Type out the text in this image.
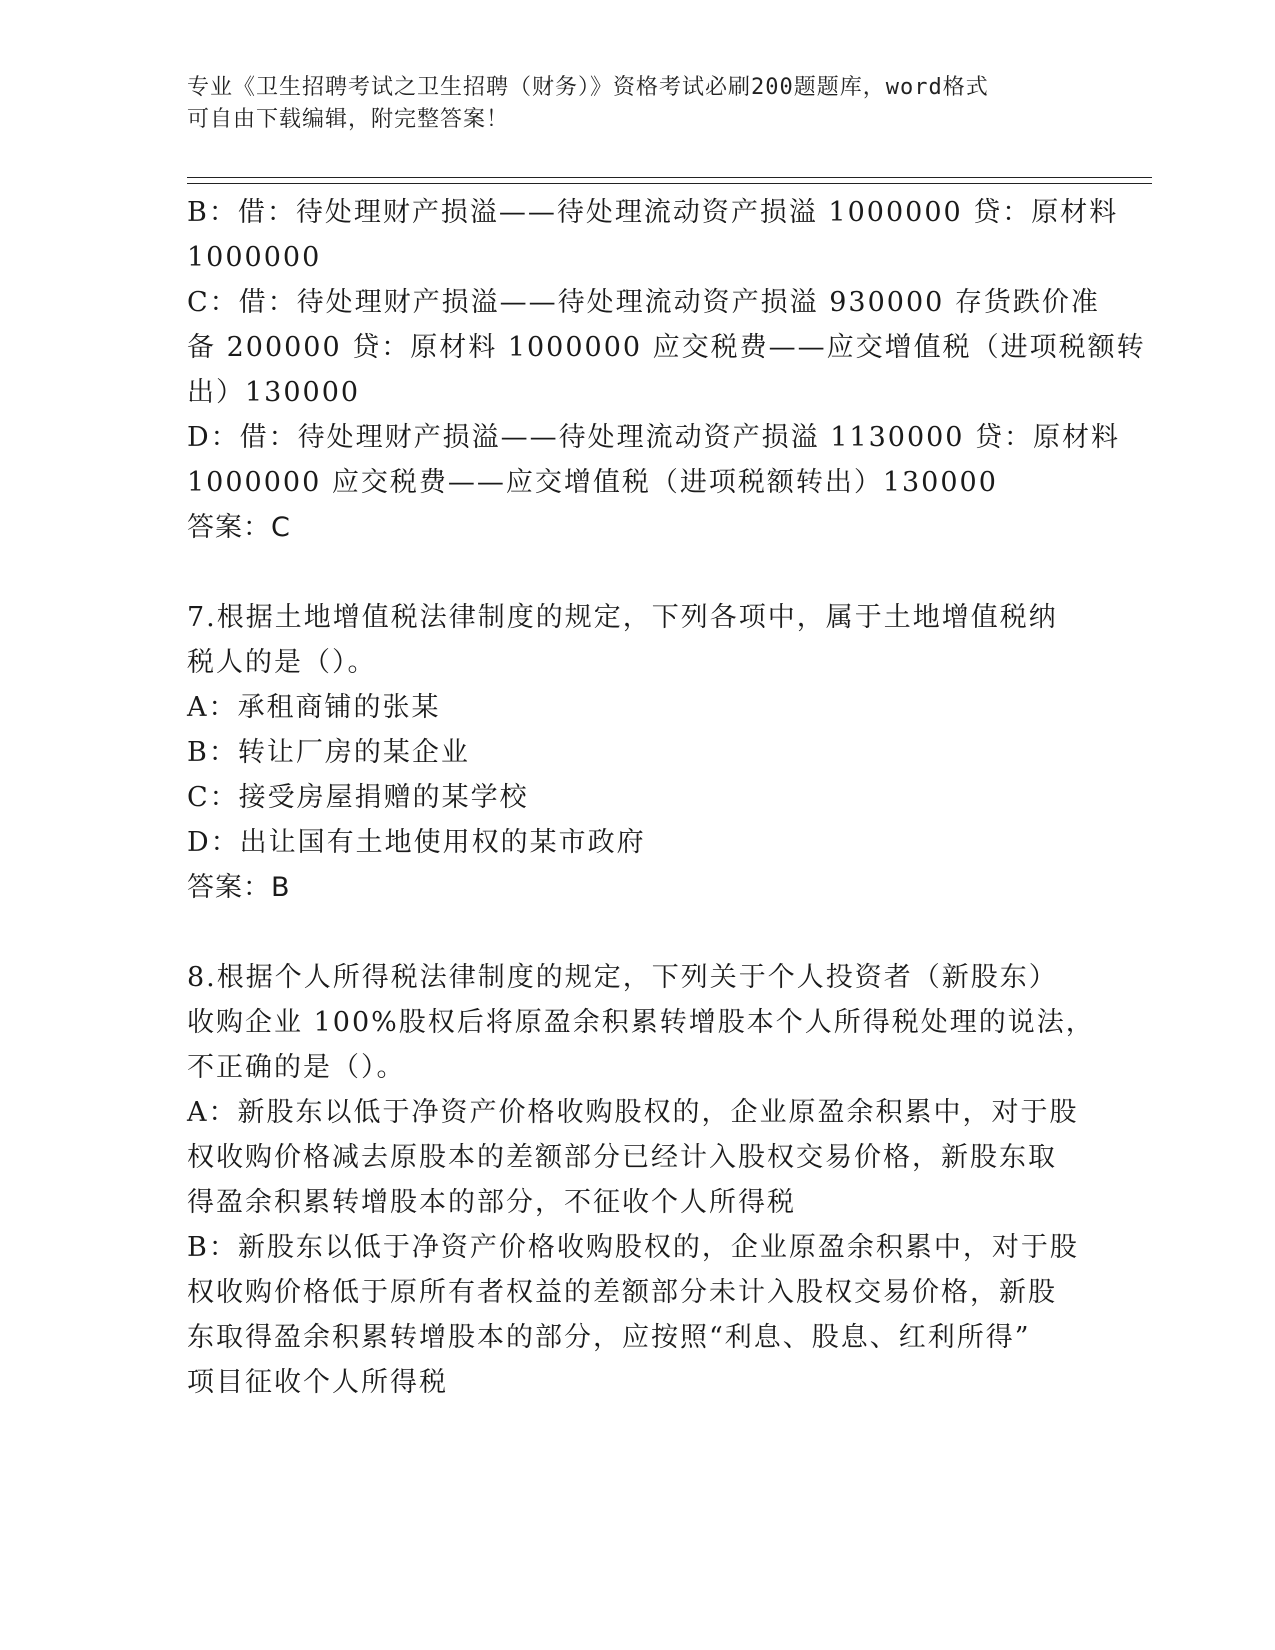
专业《卫生招聘考试之卫生招聘（财务）》资格考试必刷200题题库，word格式
可自由下载编辑，附完整答案！
B：借：待处理财产损溢——待处理流动资产损溢 1000000 贷：原材料
1000000
C：借：待处理财产损溢——待处理流动资产损溢 930000 存货跌价准
备 200000 贷：原材料 1000000 应交税费——应交增值税（进项税额转
出）130000
D：借：待处理财产损溢——待处理流动资产损溢 1130000 贷：原材料
1000000 应交税费——应交增值税（进项税额转出）130000
答案：C
7.根据土地增值税法律制度的规定，下列各项中，属于土地增值税纳
税人的是（）。
A：承租商铺的张某
B：转让厂房的某企业
C：接受房屋捐赠的某学校
D：出让国有土地使用权的某市政府
答案：B
8.根据个人所得税法律制度的规定，下列关于个人投资者（新股东）
收购企业 100%股权后将原盈余积累转增股本个人所得税处理的说法，
不正确的是（）。
A：新股东以低于净资产价格收购股权的，企业原盈余积累中，对于股
权收购价格减去原股本的差额部分已经计入股权交易价格，新股东取
得盈余积累转增股本的部分，不征收个人所得税
B：新股东以低于净资产价格收购股权的，企业原盈余积累中，对于股
权收购价格低于原所有者权益的差额部分未计入股权交易价格，新股
东取得盈余积累转增股本的部分，应按照“利息、股息、红利所得”
项目征收个人所得税
